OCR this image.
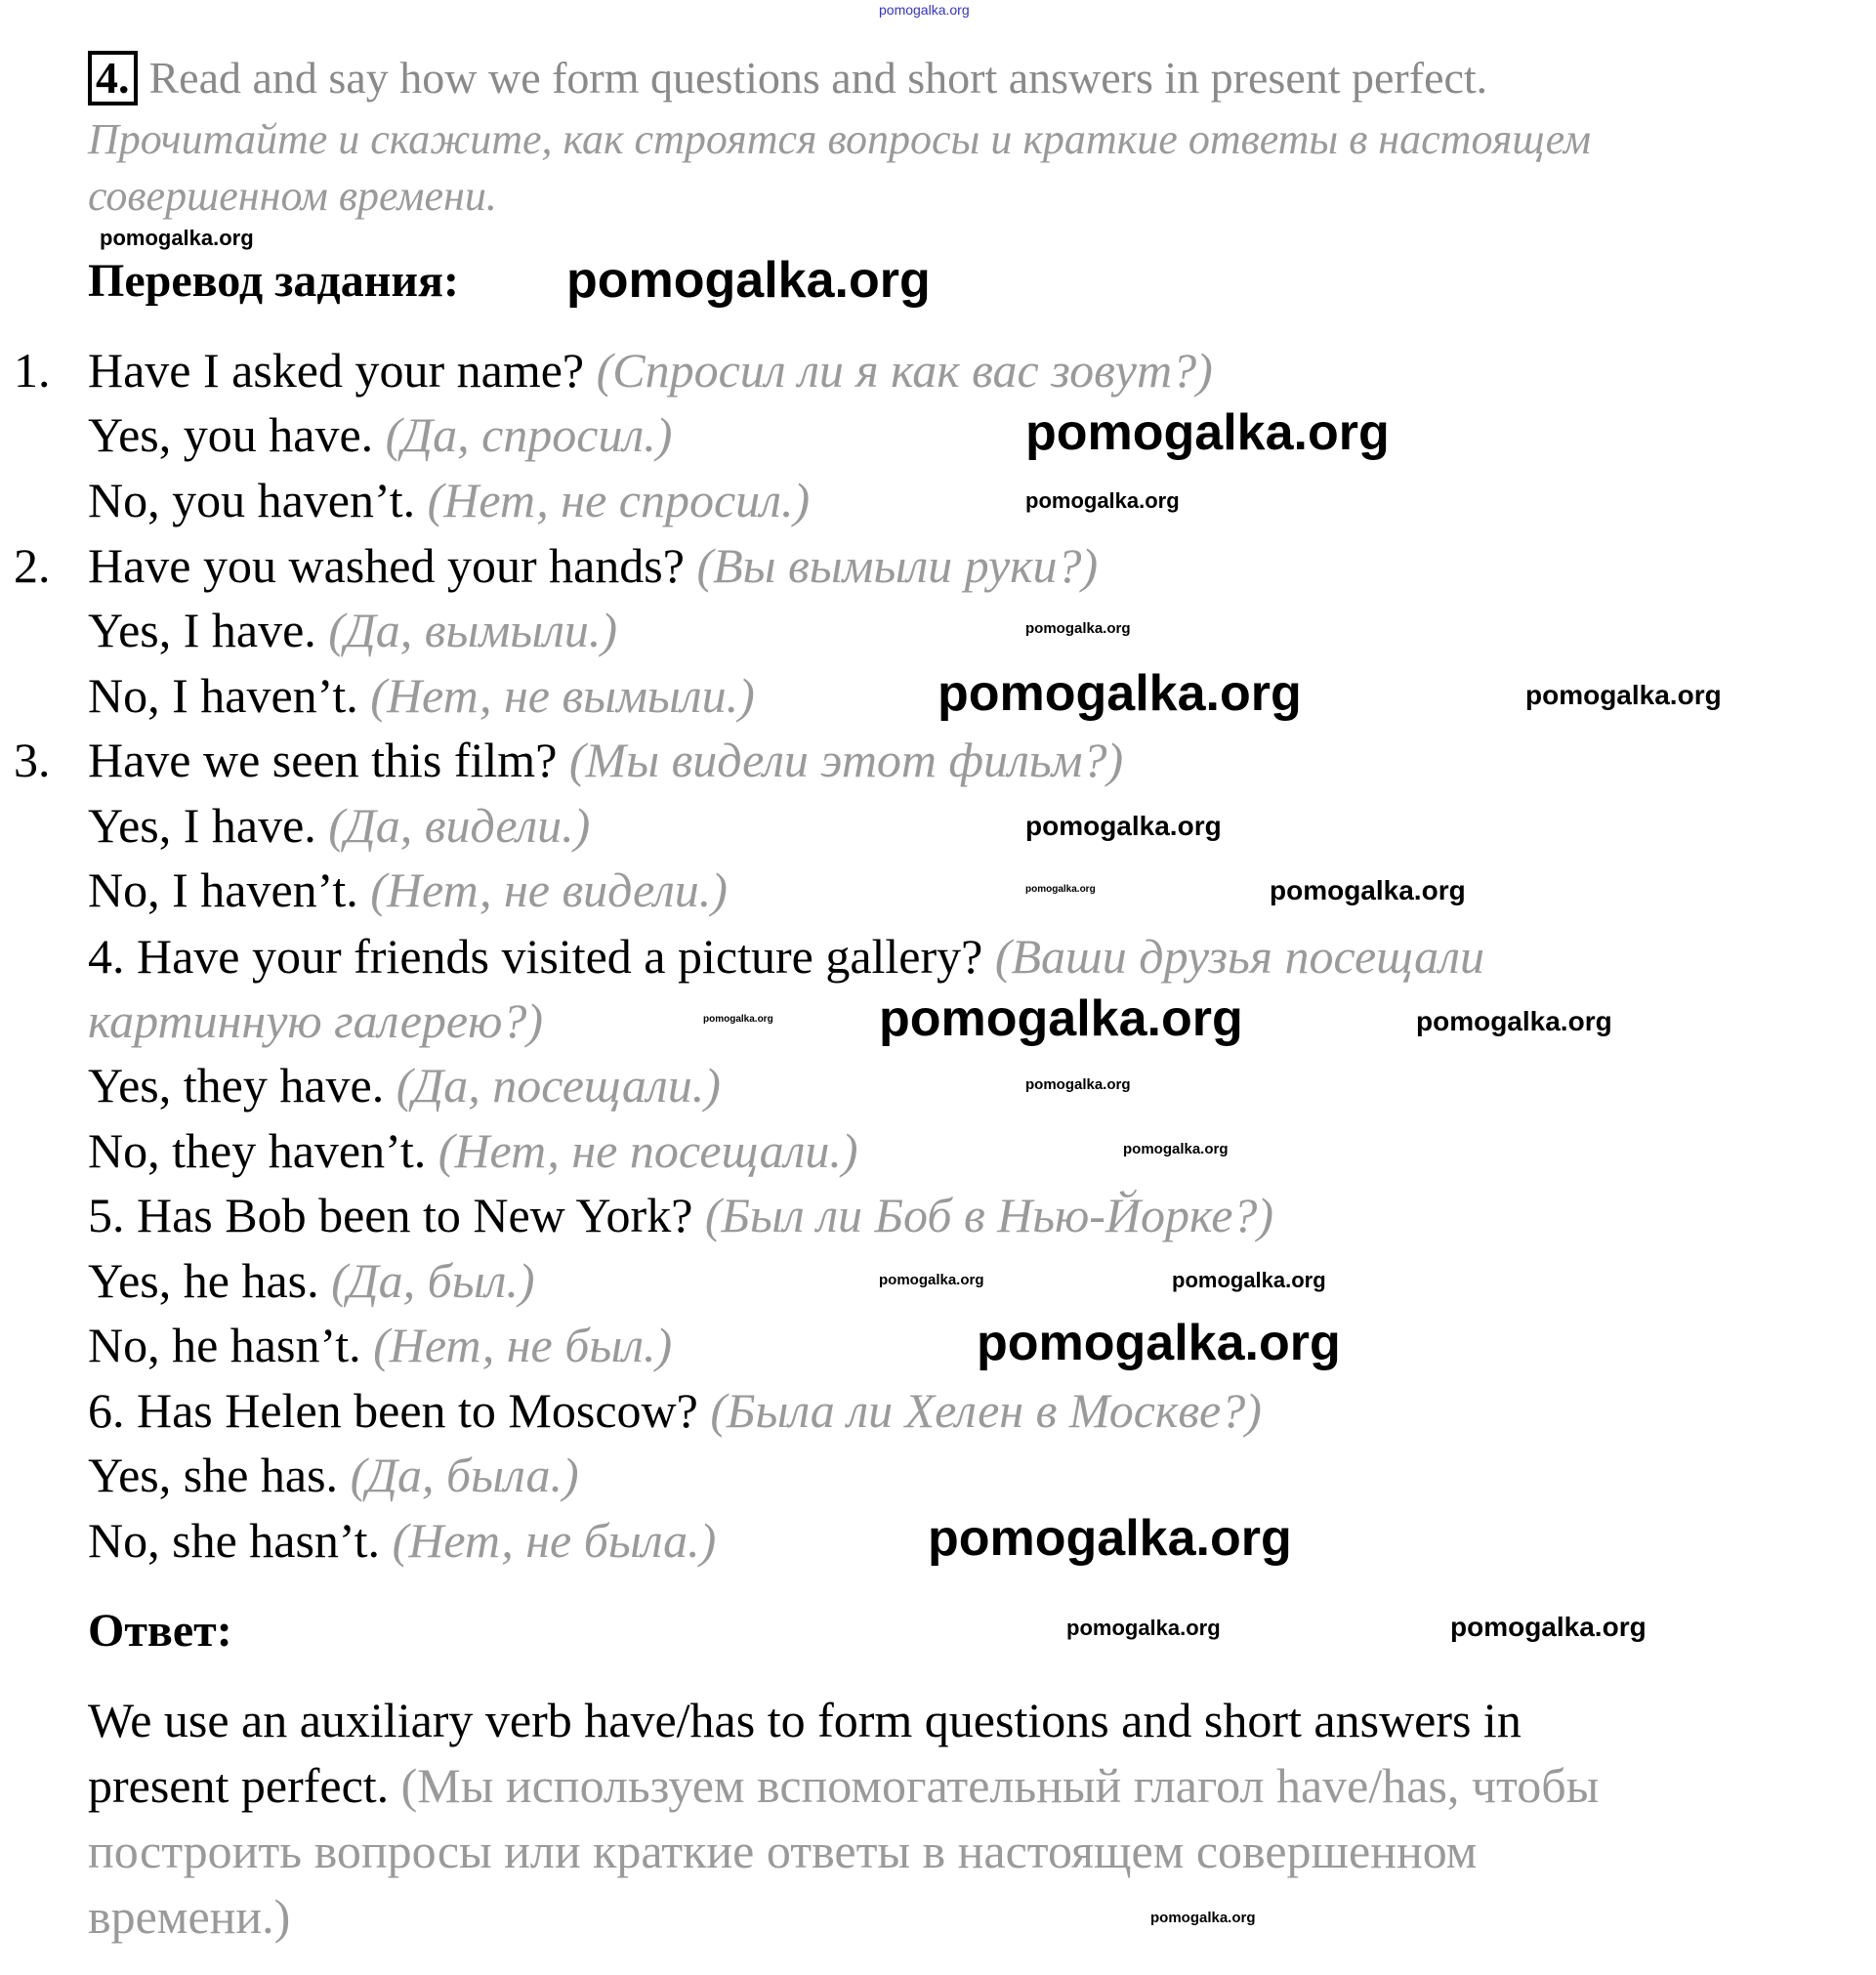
pomogalka.org
4. Read and say how we form questions and short answers in present perfect.
Прочитайте и скажите, как строятся вопросы и краткие ответы в настоящем
совершенном времени.
Перевод задания:
1. Have I asked your name? (Спросил ли я как вас зовут?)
Yes, you have. (Да, спросил.)
No, you haven’t. (Нет, не спросил.)
2. Have you washed your hands? (Вы вымыли руки?)
Yes, I have. (Да, вымыли.)
No, I haven’t. (Нет, не вымыли.)
3. Have we seen this film? (Мы видели этот фильм?)
Yes, I have. (Да, видели.)
No, I haven’t. (Нет, не видели.)
4. Have your friends visited a picture gallery? (Ваши друзья посещали
картинную галерею?)
Yes, they have. (Да, посещали.)
No, they haven’t. (Нет, не посещали.)
5. Has Bob been to New York? (Был ли Боб в Нью-Йорке?)
Yes, he has. (Да, был.)
No, he hasn’t. (Нет, не был.)
6. Has Helen been to Moscow? (Была ли Хелен в Москве?)
Yes, she has. (Да, была.)
No, she hasn’t. (Нет, не была.)
Ответ:
We use an auxiliary verb have/has to form questions and short answers in
present perfect. (Мы используем вспомогательный глагол have/has, чтобы
построить вопросы или краткие ответы в настоящем совершенном
времени.)
pomogalka.org
pomogalka.org
pomogalka.org
pomogalka.org
pomogalka.org
pomogalka.org	pomogalka.org
pomogalka.org
pomogalka.org	pomogalka.org
pomogalka.org pomogalka.org	pomogalka.org
pomogalka.org
pomogalka.org
pomogalka.org	pomogalka.org
pomogalka.org
pomogalka.org
pomogalka.org	pomogalka.org
pomogalka.org
